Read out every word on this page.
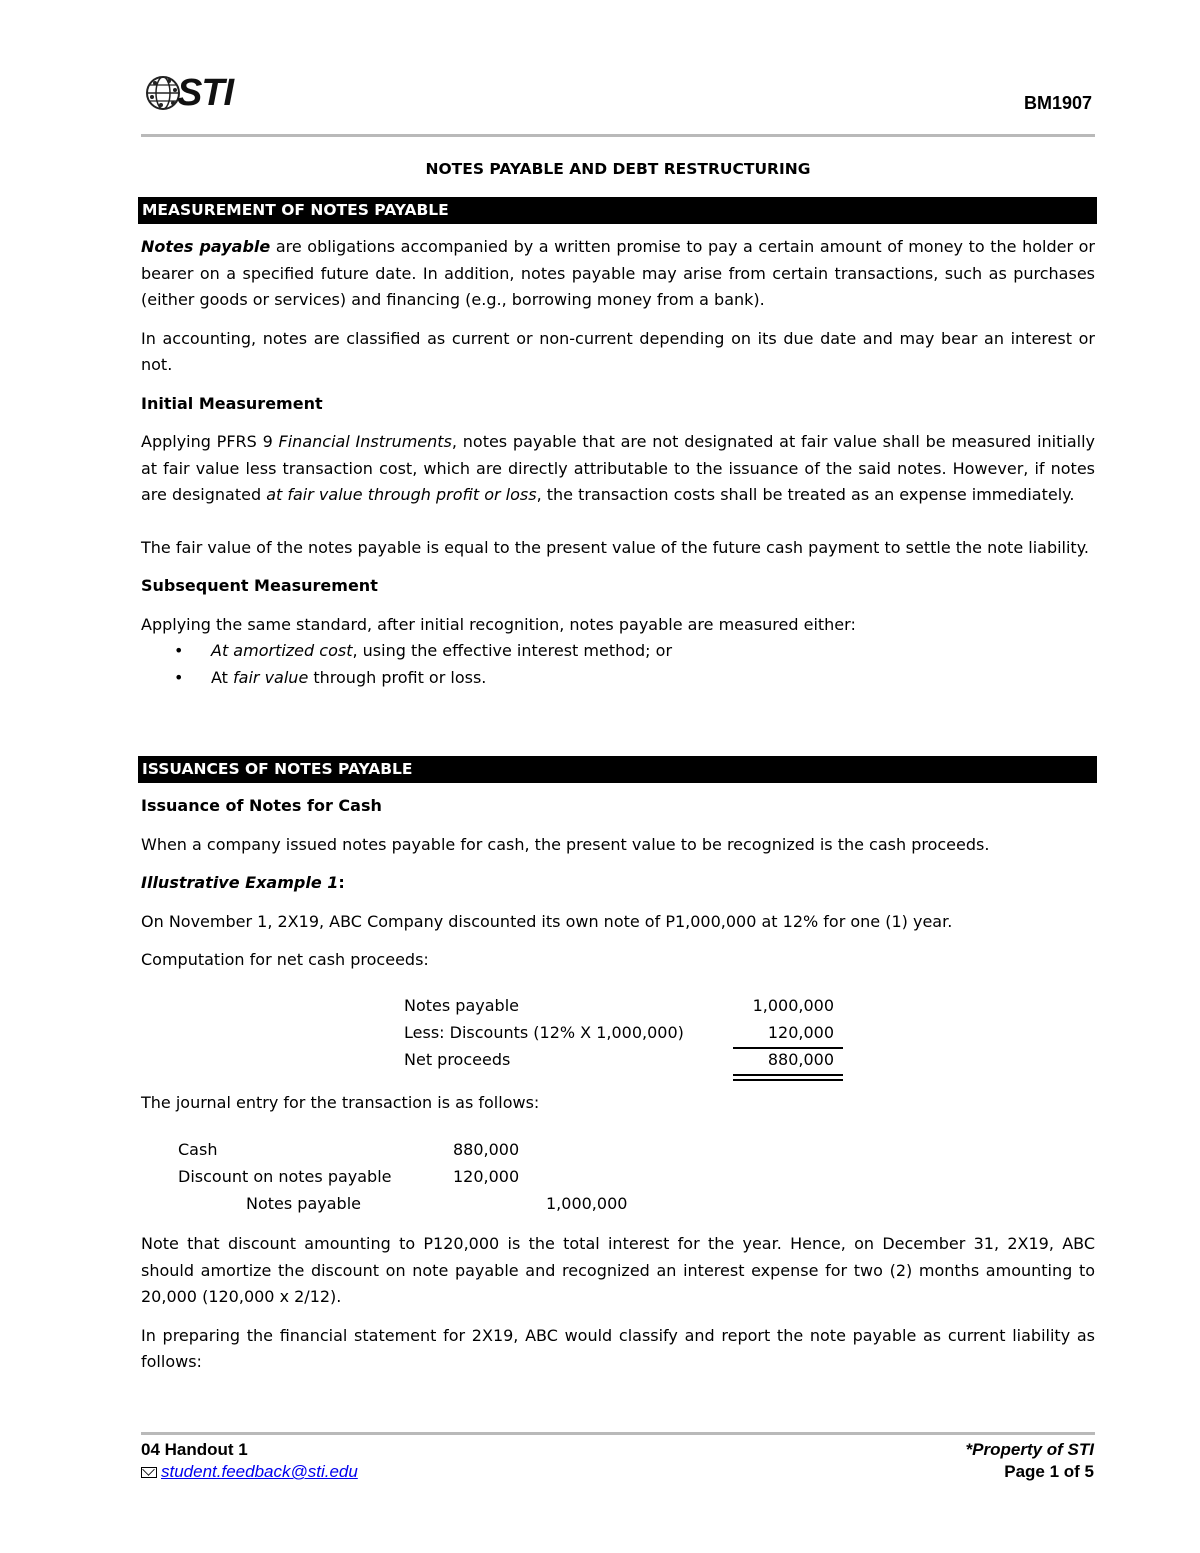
STI	BM1907
NOTES PAYABLE AND DEBT RESTRUCTURING
MEASUREMENT OF NOTES PAYABLE

Notes payable are obligations accompanied by a written promise to pay a certain amount of money to the holder or bearer on a specified future date. In addition, notes payable may arise from certain transactions, such as purchases (either goods or services) and financing (e.g., borrowing money from a bank).

In accounting, notes are classified as current or non-current depending on its due date and may bear an interest or not.

Initial Measurement

Applying PFRS 9 Financial Instruments, notes payable that are not designated at fair value shall be measured initially at fair value less transaction cost, which are directly attributable to the issuance of the said notes. However, if notes are designated at fair value through profit or loss, the transaction costs shall be treated as an expense immediately.

The fair value of the notes payable is equal to the present value of the future cash payment to settle the note liability.

Subsequent Measurement

Applying the same standard, after initial recognition, notes payable are measured either:

• At amortized cost, using the effective interest method; or
• At fair value through profit or loss.
ISSUANCES OF NOTES PAYABLE

Issuance of Notes for Cash

When a company issued notes payable for cash, the present value to be recognized is the cash proceeds.

Illustrative Example 1:

On November 1, 2X19, ABC Company discounted its own note of P1,000,000 at 12% for one (1) year.

Computation for net cash proceeds:

Notes payable	1,000,000
Less: Discounts (12% X 1,000,000)	120,000
Net proceeds	880,000

The journal entry for the transaction is as follows:

Cash	880,000
Discount on notes payable	120,000
Notes payable	1,000,000

Note that discount amounting to P120,000 is the total interest for the year. Hence, on December 31, 2X19, ABC should amortize the discount on note payable and recognized an interest expense for two (2) months amounting to 20,000 (120,000 x 2/12).

In preparing the financial statement for 2X19, ABC would classify and report the note payable as current liability as follows:

04 Handout 1
student.feedback@sti.edu
*Property of STI
Page 1 of 5
